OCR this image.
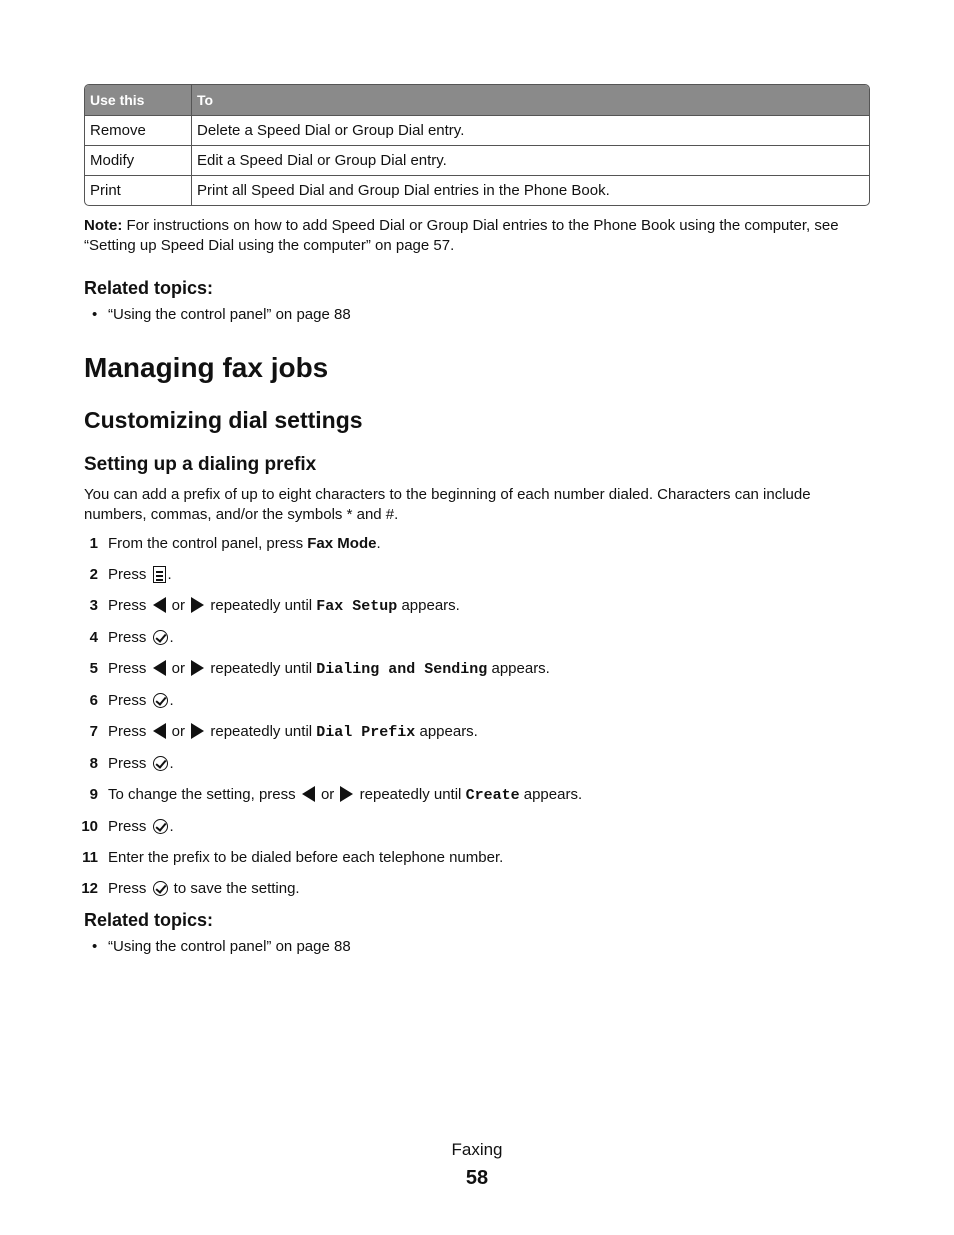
Use this	To
Remove	Delete a Speed Dial or Group Dial entry.
Modify	Edit a Speed Dial or Group Dial entry.
Print	Print all Speed Dial and Group Dial entries in the Phone Book.

Note: For instructions on how to add Speed Dial or Group Dial entries to the Phone Book using the computer, see “Setting up Speed Dial using the computer” on page 57.

Related topics:
• “Using the control panel” on page 88
Managing fax jobs
Customizing dial settings
Setting up a dialing prefix

You can add a prefix of up to eight characters to the beginning of each number dialed. Characters can include numbers, commas, and/or the symbols * and #.

1 From the control panel, press Fax Mode.
2 Press .
3 Press  or  repeatedly until Fax Setup appears.
4 Press .
5 Press  or  repeatedly until Dialing and Sending appears.
6 Press .
7 Press  or  repeatedly until Dial Prefix appears.
8 Press .
9 To change the setting, press  or  repeatedly until Create appears.
10 Press .
11 Enter the prefix to be dialed before each telephone number.
12 Press  to save the setting.
Related topics:
• “Using the control panel” on page 88
Faxing
58
